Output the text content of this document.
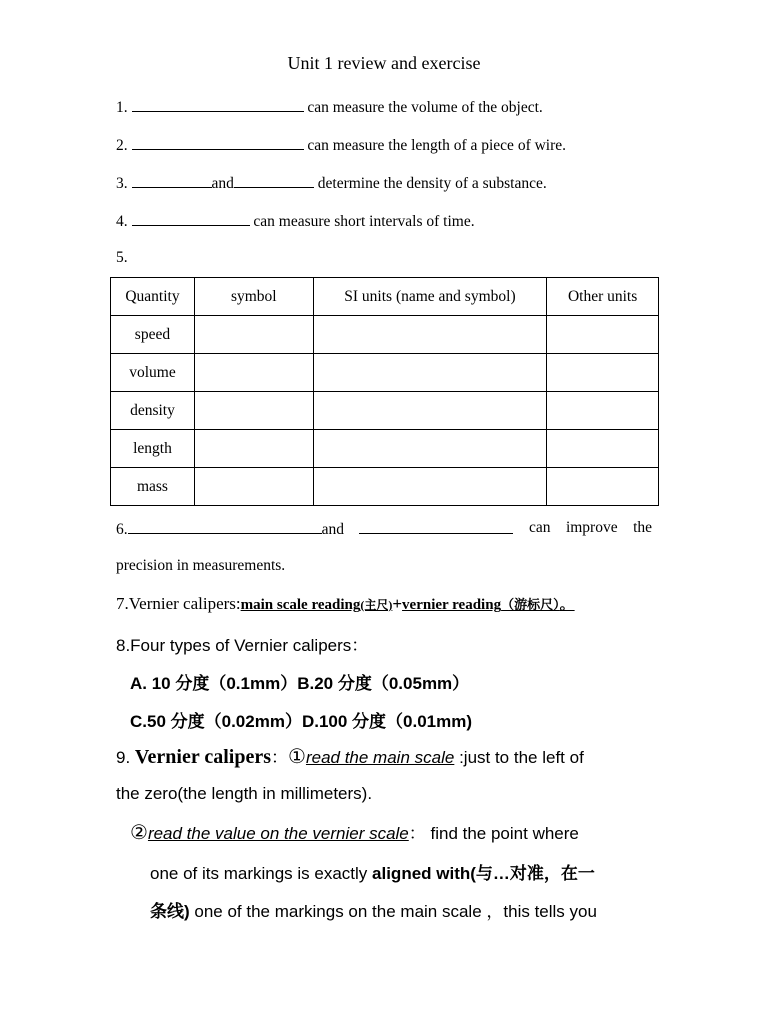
Unit 1 review and exercise
1.	can measure the volume of the object.
2.	can measure the length of a piece of wire.
3.	and	determine the density of a substance.
4.	can measure short intervals of time.
5.
Quantity	symbol	SI units (name and symbol)	Other units
speed			
volume			
density			
length			
mass			
6.	and	can improve the
precision in measurements.
7.Vernier calipers:main scale reading(主尺)+vernier reading（游标尺）。
8.Four types of Vernier calipers：
A. 10 分度（0.1mm）B.20 分度（0.05mm）
C.50 分度（0.02mm）D.100 分度（0.01mm)
9. Vernier calipers：①read the main scale :just to the left of
the zero(the length in millimeters).
②read the value on the vernier scale： find the point where
one of its markings is exactly aligned with(与…对准，在一
条线) one of the markings on the main scale ，this tells you
